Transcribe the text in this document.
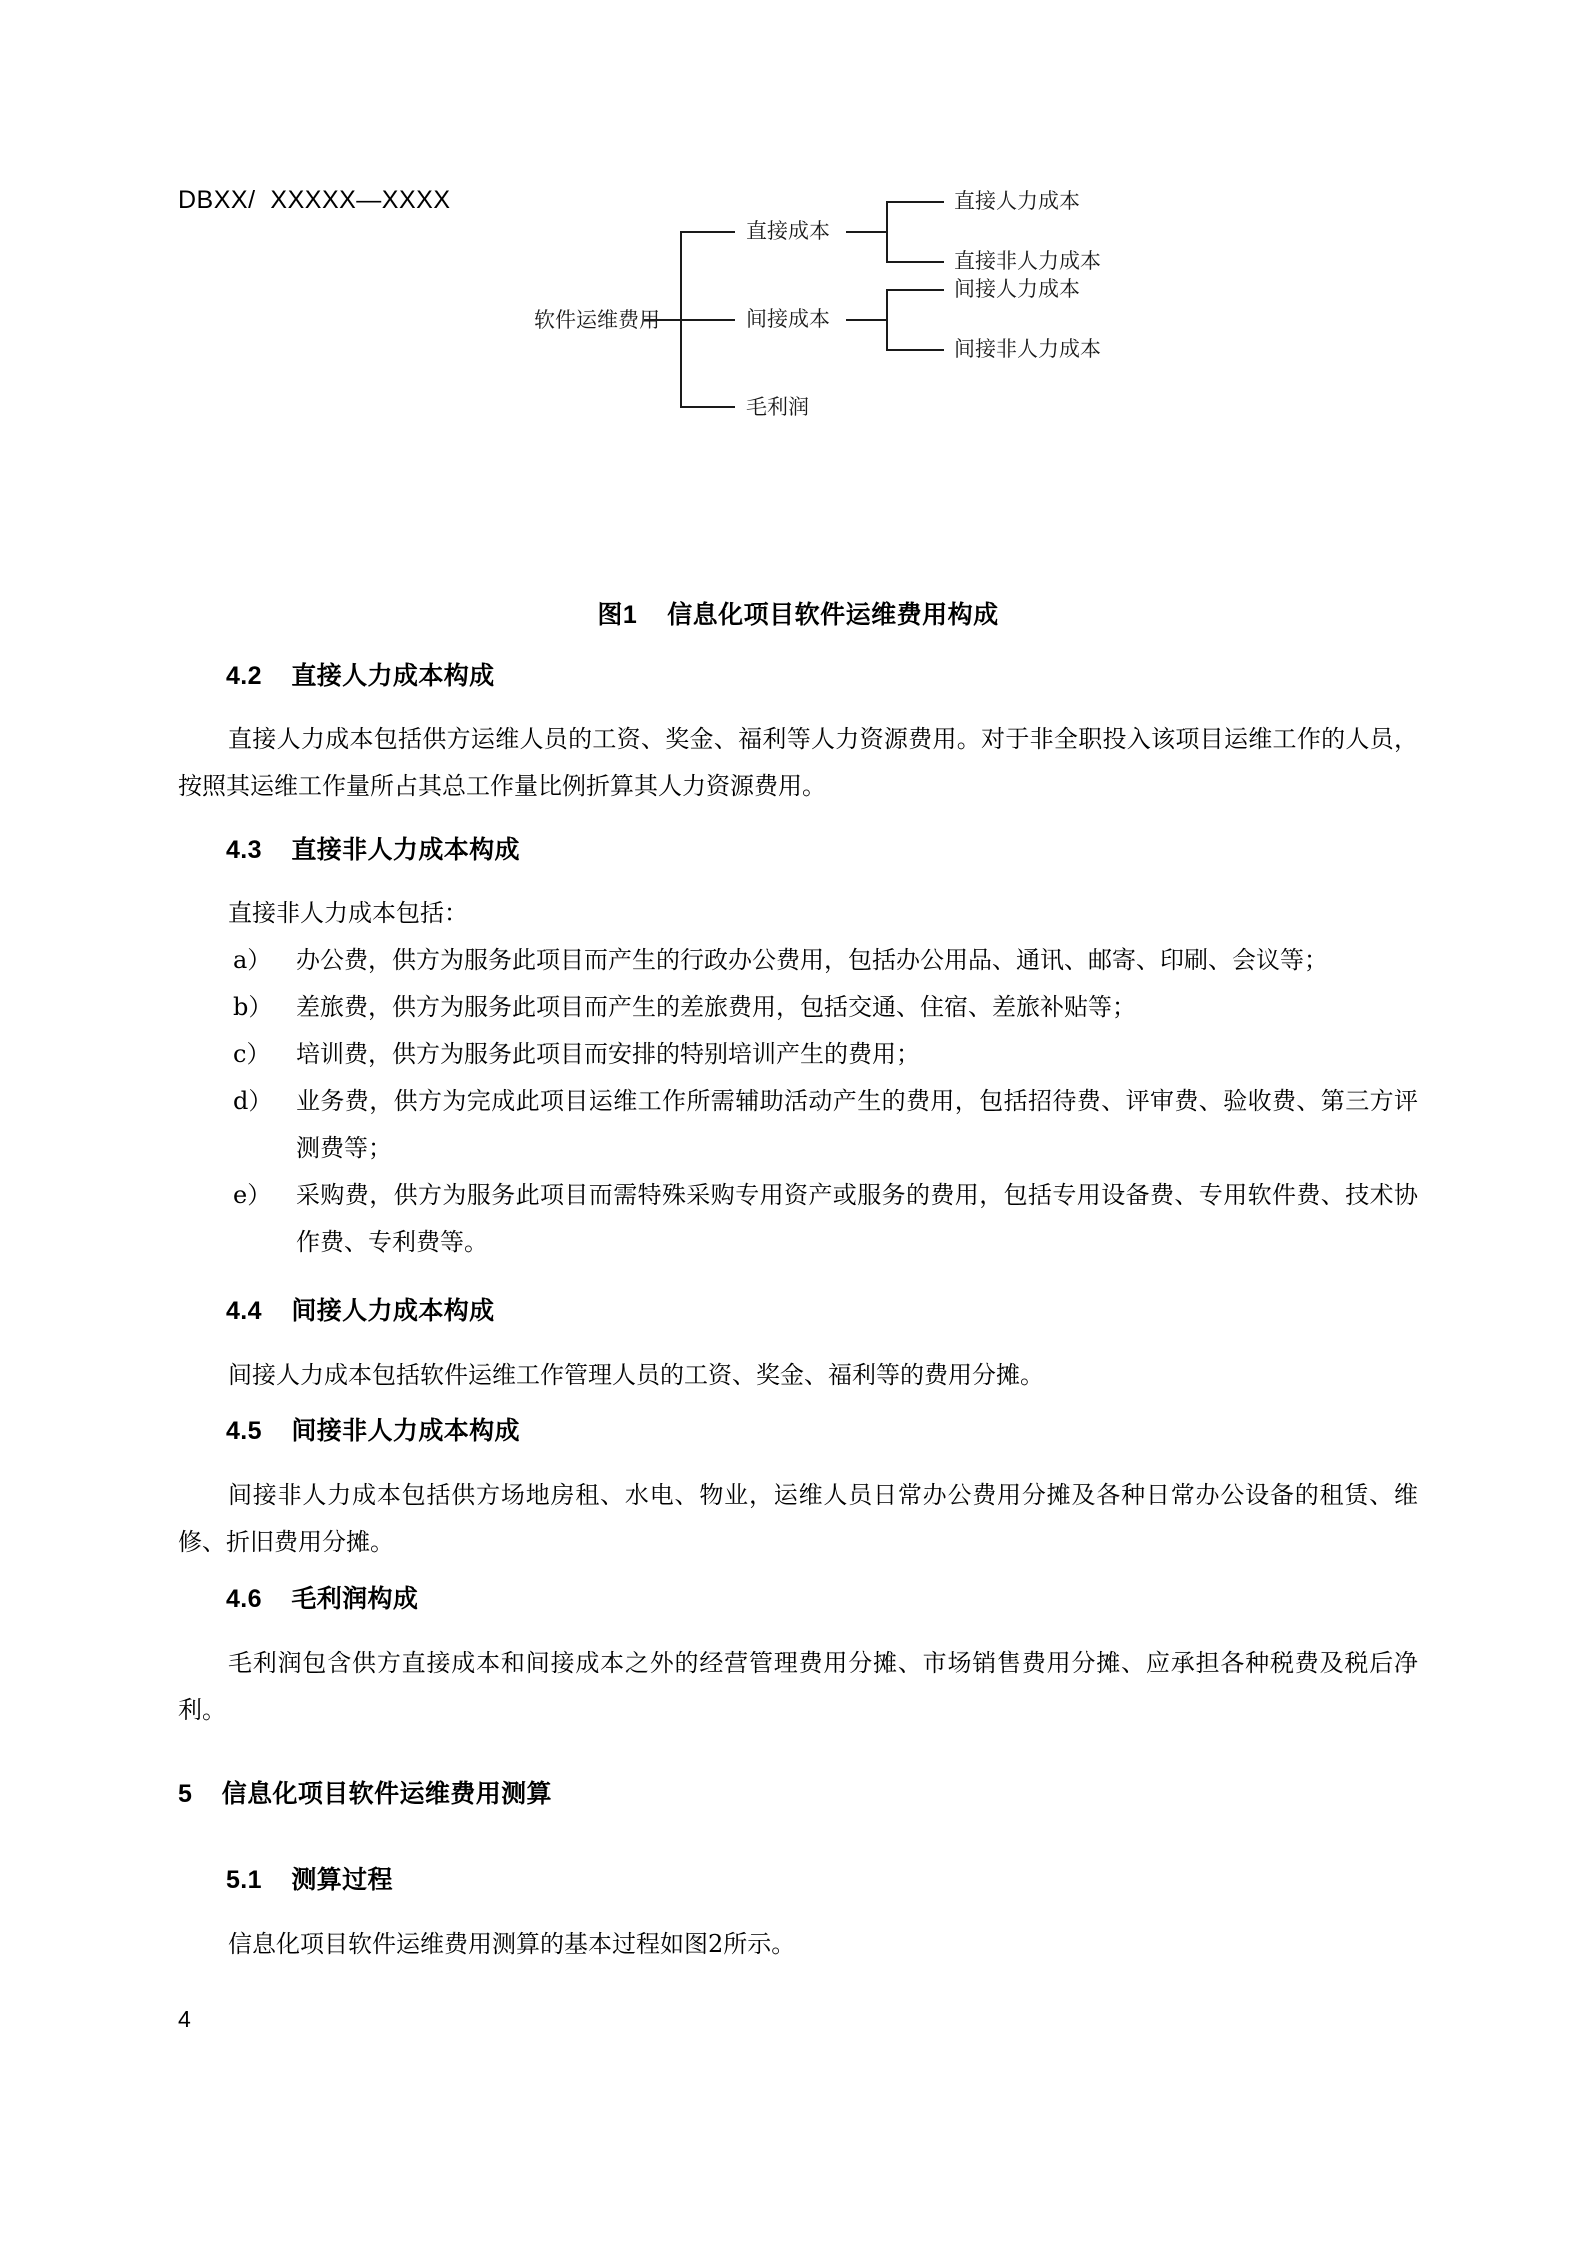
DBXX/  XXXXX—XXXX
软件运维费用
直接成本
间接成本
毛利润
直接人力成本
直接非人力成本
间接人力成本
间接非人力成本
图1    信息化项目软件运维费用构成
4.2    直接人力成本构成
直接人力成本包括供方运维人员的工资、奖金、福利等人力资源费用。对于非全职投入该项目运维工作的人员，按照其运维工作量所占其总工作量比例折算其人力资源费用。
4.3    直接非人力成本构成
直接非人力成本包括：
a）	办公费，供方为服务此项目而产生的行政办公费用，包括办公用品、通讯、邮寄、印刷、会议等；
b） 差旅费，供方为服务此项目而产生的差旅费用，包括交通、住宿、差旅补贴等；
c）	培训费，供方为服务此项目而安排的特别培训产生的费用；
d） 业务费，供方为完成此项目运维工作所需辅助活动产生的费用，包括招待费、评审费、验收费、第三方评测费等；
e）	采购费，供方为服务此项目而需特殊采购专用资产或服务的费用，包括专用设备费、专用软件费、技术协作费、专利费等。
4.4    间接人力成本构成
间接人力成本包括软件运维工作管理人员的工资、奖金、福利等的费用分摊。
4.5    间接非人力成本构成
间接非人力成本包括供方场地房租、水电、物业，运维人员日常办公费用分摊及各种日常办公设备的租赁、维修、折旧费用分摊。
4.6    毛利润构成
毛利润包含供方直接成本和间接成本之外的经营管理费用分摊、市场销售费用分摊、应承担各种税费及税后净利。
5    信息化项目软件运维费用测算
5.1    测算过程
信息化项目软件运维费用测算的基本过程如图2所示。
4
